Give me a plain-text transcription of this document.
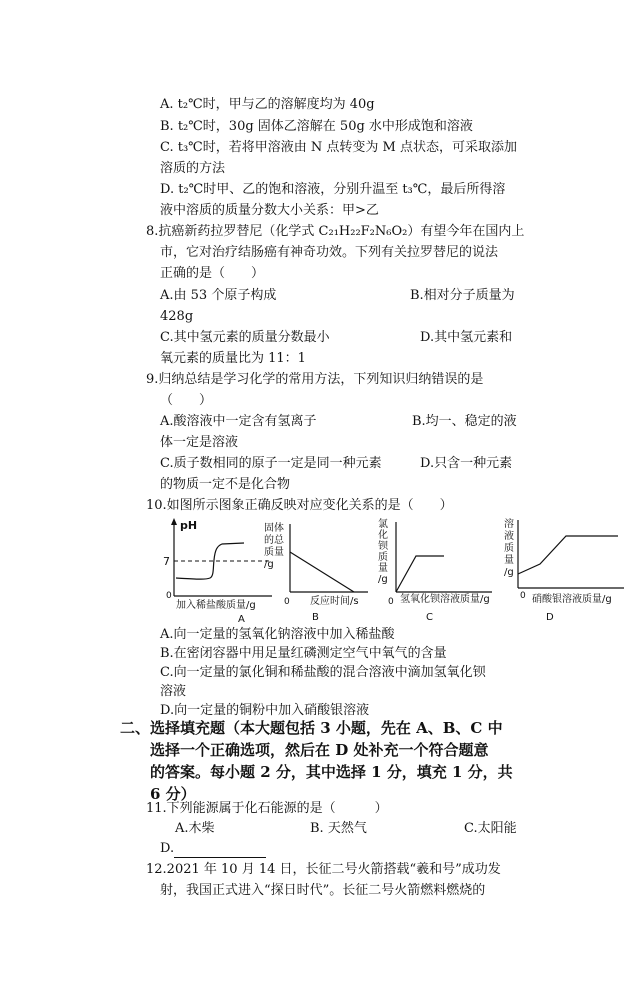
A. t₂℃时，甲与乙的溶解度均为 40g
B. t₂℃时，30g 固体乙溶解在 50g 水中形成饱和溶液
C. t₃℃时，若将甲溶液由 N 点转变为 M 点状态，可采取添加
溶质的方法
D. t₂℃时甲、乙的饱和溶液，分别升温至 t₃℃，最后所得溶
液中溶质的质量分数大小关系：甲>乙
8.抗癌新药拉罗替尼（化学式 C₂₁H₂₂F₂N₆O₂）有望今年在国内上
市，它对治疗结肠癌有神奇功效。下列有关拉罗替尼的说法
正确的是（　　）
A.由 53 个原子构成	B.相对分子质量为
428g
C.其中氢元素的质量分数最小	D.其中氢元素和
氧元素的质量比为 11：1
9.归纳总结是学习化学的常用方法，下列知识归纳错误的是
（　　）
A.酸溶液中一定含有氢离子	B.均一、稳定的液
体一定是溶液
C.质子数相同的原子一定是同一种元素	D.只含一种元素
的物质一定不是化合物
10.如图所示图象正确反映对应变化关系的是（　　）
pH
7
0
加入稀盐酸质量/g
A
固体
的总
质量
/g
0 反应时间/s
B
氯
化
钡
质
量
/g
0 氢氧化钡溶液质量/g
C
溶
液
质
量
/g
0 硝酸银溶液质量/g
D
A.向一定量的氢氧化钠溶液中加入稀盐酸
B.在密闭容器中用足量红磷测定空气中氧气的含量
C.向一定量的氯化铜和稀盐酸的混合溶液中滴加氢氧化钡
溶液
D.向一定量的铜粉中加入硝酸银溶液
二、选择填充题（本大题包括 3 小题，先在 A、B、C 中
选择一个正确选项，然后在 D 处补充一个符合题意
的答案。每小题 2 分，其中选择 1 分，填充 1 分，共
6 分）
11.下列能源属于化石能源的是（　　　）
A.木柴	B. 天然气	C.太阳能
D.
12.2021 年 10 月 14 日，长征二号火箭搭载“羲和号”成功发
射，我国正式进入“探日时代”。长征二号火箭燃料燃烧的
